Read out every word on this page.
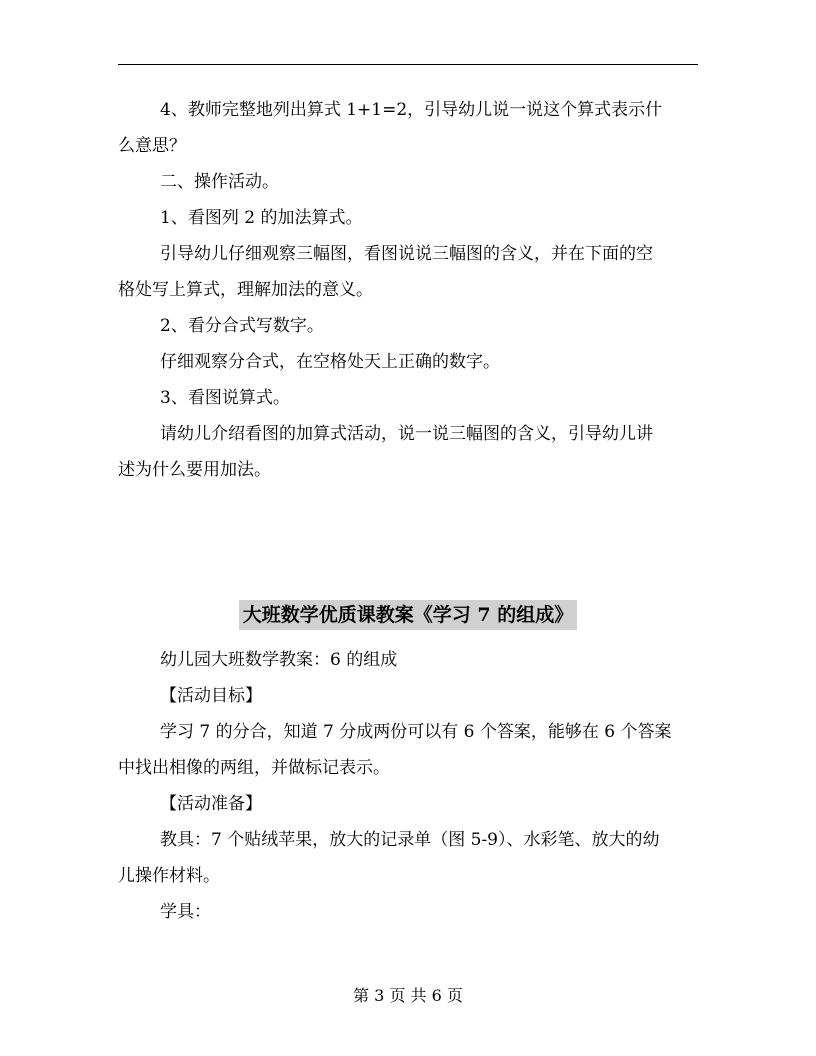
4、教师完整地列出算式 1+1=2，引导幼儿说一说这个算式表示什
么意思？
二、操作活动。
1、看图列 2 的加法算式。
引导幼儿仔细观察三幅图，看图说说三幅图的含义，并在下面的空
格处写上算式，理解加法的意义。
2、看分合式写数字。
仔细观察分合式，在空格处天上正确的数字。
3、看图说算式。
请幼儿介绍看图的加算式活动，说一说三幅图的含义，引导幼儿讲
述为什么要用加法。
大班数学优质课教案《学习 7 的组成》
幼儿园大班数学教案：6 的组成
【活动目标】
学习 7 的分合，知道 7 分成两份可以有 6 个答案，能够在 6 个答案
中找出相像的两组，并做标记表示。
【活动准备】
教具：7 个贴绒苹果，放大的记录单（图 5-9）、水彩笔、放大的幼
儿操作材料。
学具：
第 3 页 共 6 页
